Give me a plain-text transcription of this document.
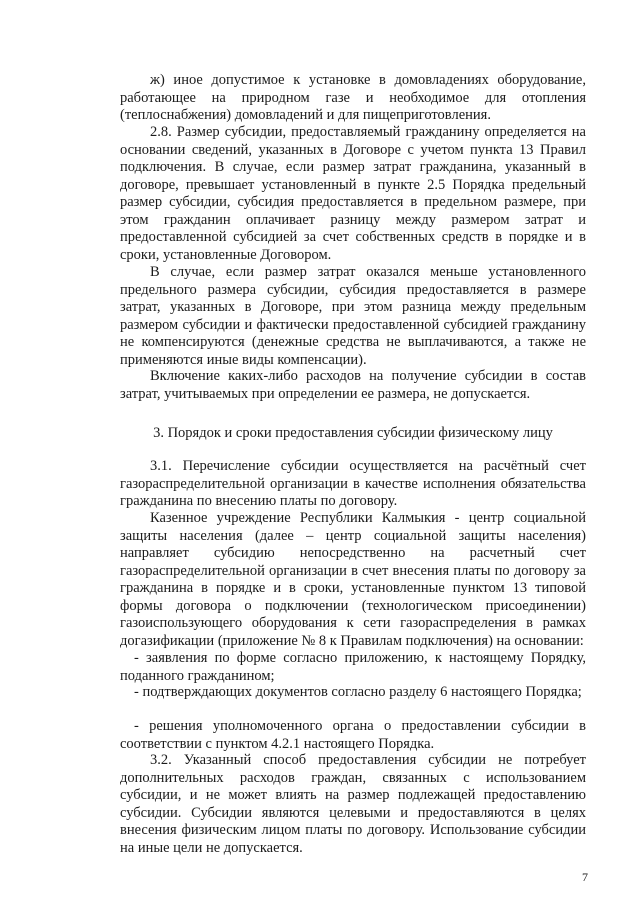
ж) иное допустимое к установке в домовладениях оборудование, работающее на природном газе и необходимое для отопления (теплоснабжения) домовладений и для пищеприготовления.

2.8. Размер субсидии, предоставляемый гражданину определяется на основании сведений, указанных в Договоре с учетом пункта 13 Правил подключения. В случае, если размер затрат гражданина, указанный в договоре, превышает установленный в пункте 2.5 Порядка предельный размер субсидии, субсидия предоставляется в предельном размере, при этом гражданин оплачивает разницу между размером затрат и предоставленной субсидией за счет собственных средств в порядке и в сроки, установленные Договором.

В случае, если размер затрат оказался меньше установленного предельного размера субсидии, субсидия предоставляется в размере затрат, указанных в Договоре, при этом разница между предельным размером субсидии и фактически предоставленной субсидией гражданину не компенсируются (денежные средства не выплачиваются, а также не применяются иные виды компенсации).

Включение каких-либо расходов на получение субсидии в состав затрат, учитываемых при определении ее размера, не допускается.

3. Порядок и сроки предоставления субсидии физическому лицу

3.1. Перечисление субсидии осуществляется на расчётный счет газораспределительной организации в качестве исполнения обязательства гражданина по внесению платы по договору.

Казенное учреждение Республики Калмыкия - центр социальной защиты населения (далее – центр социальной защиты населения) направляет субсидию непосредственно на расчетный счет газораспределительной организации в счет внесения платы по договору за гражданина в порядке и в сроки, установленные пунктом 13 типовой формы договора о подключении (технологическом присоединении) газоиспользующего оборудования к сети газораспределения в рамках догазификации (приложение № 8 к Правилам подключения) на основании:

- заявления по форме согласно приложению, к настоящему Порядку, поданного гражданином;

- подтверждающих документов согласно разделу 6 настоящего Порядка;

- решения уполномоченного органа о предоставлении субсидии в соответствии с пунктом 4.2.1 настоящего Порядка.

3.2. Указанный способ предоставления субсидии не потребует дополнительных расходов граждан, связанных с использованием субсидии, и не может влиять на размер подлежащей предоставлению субсидии. Субсидии являются целевыми и предоставляются в целях внесения физическим лицом платы по договору. Использование субсидии на иные цели не допускается.

7
